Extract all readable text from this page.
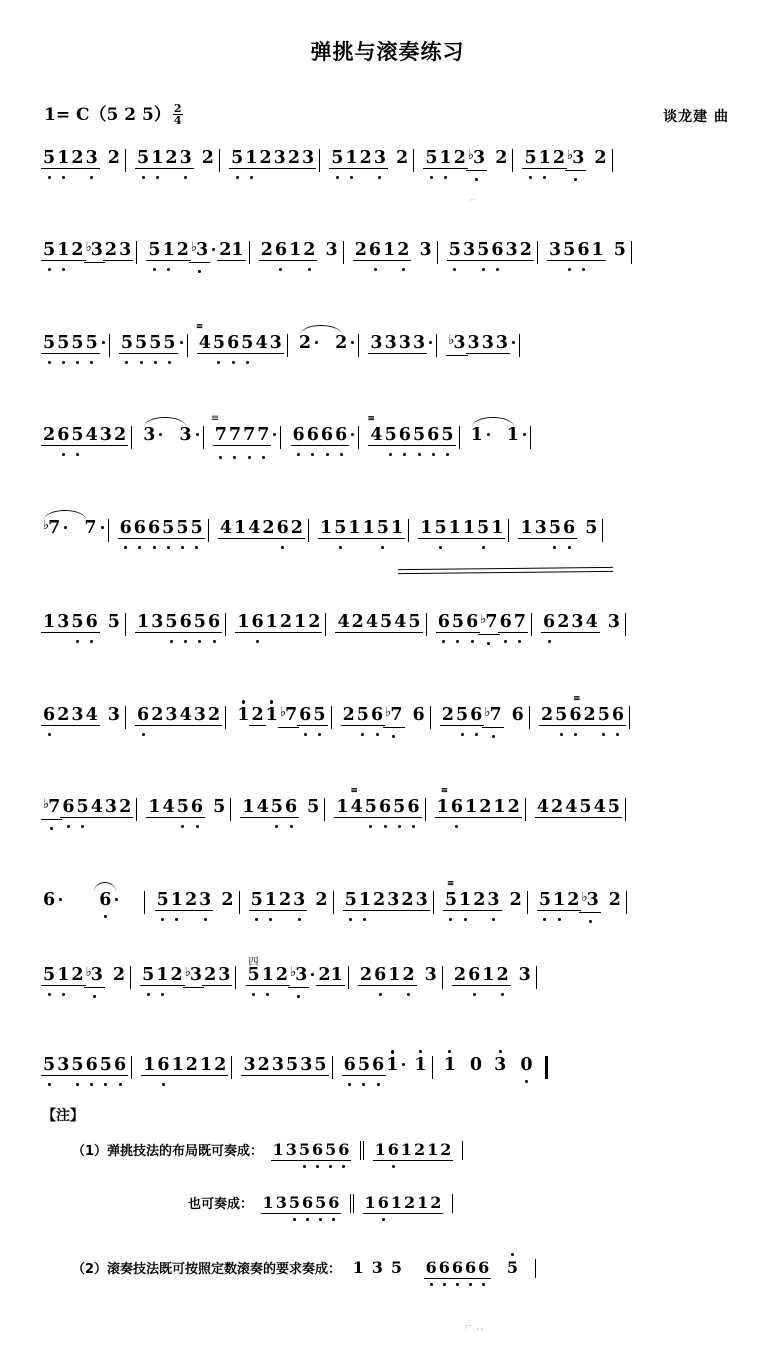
弹挑与滚奏练习
1= C（5 2 $5) \frac{2}{4}$	谈龙建 曲
5 1 2 3 2 5 1 2 3 2 5 1 2 3 2 3 5 1 2 3 2 5 1 2 ♭3 2 5 1 2 ♭3 2
⌐
5 1 2 ♭3 2 3 5 1 2 ♭3 21 2 6 1 2 3 2 6 1 2 3 5 3 5 6 3 2 3 5 6 1 5
5 5 5 5 5 5 5 5
≡
4 5 6 5 4 3 2 2 3 3 3 3 ♭3 3 3 3
2 6 5 4 3 2 3 3
≡
7 7 7 7 6 6 6 6
≡
4 5 6 5 6 5 1 1
♭7 7 6 6 6 5 5 5 4 1 4 2 6 2 1 5 1 1 5 1 1 5 1 1 5 1 1 3 5 6 5
1 3 5 6 5 1 3 5 6 5 6 1 6 1 2 1 2 4 2 4 5 4 5 6 5 6 ♭7 6 7 6 2 3 4 3
6 2 3 4 3 6 2 3 4 3 2 1 2 1 ♭7 6 5 2 5 6 ♭7 6 2 5 6 ♭7 6
≡
2 5 6 2 5 6
♭7 6 5 4 3 2 1 4 5 6 5 1 4 5 6 5
≡
1 4 5 6 5 6
≡
1 6 1 2 1 2 4 2 4 5 4 5
6	6	5 1 2 3 2 5 1 2 3 2 5 1 2 3 2 3
≡
5 1 2 3 2 5 1 2 ♭3 2
5 1 2 ♭3 2 5 1 2 ♭3 2 3
四
5 1 2 ♭3 21 2 6 1 2 3 2 6 1 2 3
5 3 5 6 5 6 1 6 1 2 1 2 3 2 3 5 3 5 6 5 6 1 1 1 0 3 0
【注】
（1）弹挑技法的布局既可奏成： 1 3 5 6 5 6 1 6 1 2 1 2
也可奏成： 1 3 5 6 5 6 1 6 1 2 1 2
（2）滚奏技法既可按照定数滚奏的要求奏成： 1 3 5 6 6 6 6 6 5
⌐ ‥
